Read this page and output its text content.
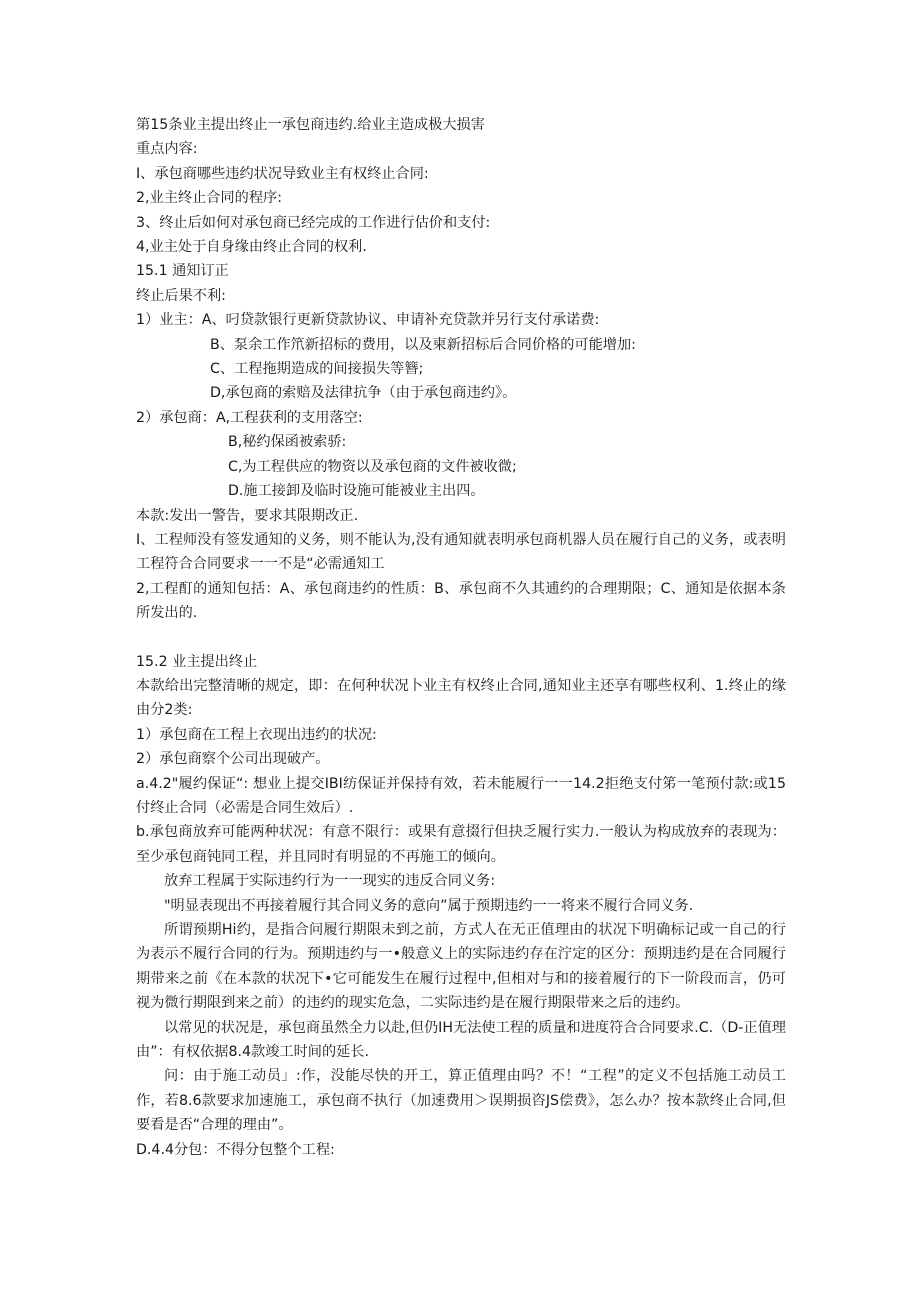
第15条业主提出终止一承包商违约.给业主造成极大损害

重点内容:

I、承包商哪些违约状况导致业主有权终止合同:

2,业主终止合同的程序:

3、终止后如何对承包商已经完成的工作进行估价和支付:

4,业主处于自身缘由终止合同的权利.

15.1 通知订正

终止后果不利:

1）业主：A、叼贷款银行更新贷款协议、申请补充贷款并另行支付承诺费:

B、泵余工作笊新招标的费用，以及柬新招标后合同价格的可能增加:

C、工程拖期造成的间接损失等簪;

D,承包商的索赔及法律抗争（由于承包商违约》。

2）承包商：A,工程获利的支用落空:

B,秘约保函被索骄:

C,为工程供应的物资以及承包商的文件被收微;

D.施工接卸及临时设施可能被业主出四。

本款:发出一警告，要求其限期改正.

I、工程师没有签发通知的义务，则不能认为,没有通知就表明承包商机器人员在履行自己的义务，或表明工程符合合同要求一一不是“必需通知工

2,工程酊的通知包括：A、承包商违约的性质：B、承包商不久其逋约的合理期限；C、通知是依据本条所发出的.

15.2 业主提出终止

本款给出完整清晰的规定，即：在何种状况卜业主有权终止合同,通知业主还享有哪些权利、1.终止的缘由分2类:

1）承包商在工程上衣现出违约的状况:

2）承包商察个公司出现破产。

a.4.2"履约保证“: 想业上提交IBI纺保证并保持有效，若未能履行一一14.2拒绝支付笫一笔预付款:或15付终止合同（必需是合同生效后）.

b.承包商放弃可能两种状况：有意不限行：或果有意掇行但抉乏履行实力.一般认为构成放弃的表现为：至少承包商钝同工程，并且同时有明显的不再施工的倾向。

放弃工程属于实际违约行为一一现实的违反合同义务:

"明显表现出不再接着履行其合同义务的意向”属于预期违约一一将来不履行合同义务.

所谓预期Hi约，是指合问履行期限未到之前，方式人在无正值理由的状况下明确标记或一自己的行为表示不履行合同的行为。预期违约与一•般意义上的实际违约存在泞定的区分：预期违约是在合同履行期带来之前《在本款的状况下•它可能发生在履行过程中,但相对与和的接着履行的下一阶段而言，仍可视为微行期限到来之前）的违约的现实危急，二实际违约是在履行期限带来之后的违约。

以常见的状况是，承包商虽然全力以赴,但仍IH无法使工程的质量和进度符合合同要求.C.（D-正值理由”：有权依据8.4款竣工时间的延长.

问：由于施工动员」:作，没能尽快的开工，算正值理由吗？不！“工程”的定义不包括施工动员工作，若8.6款要求加速施工，承包商不执行（加速费用＞误期损咨JS偿费》，怎么办？按本款终止合同,但要看是否“合理的理由”。

D.4.4分包：不得分包整个工程:
